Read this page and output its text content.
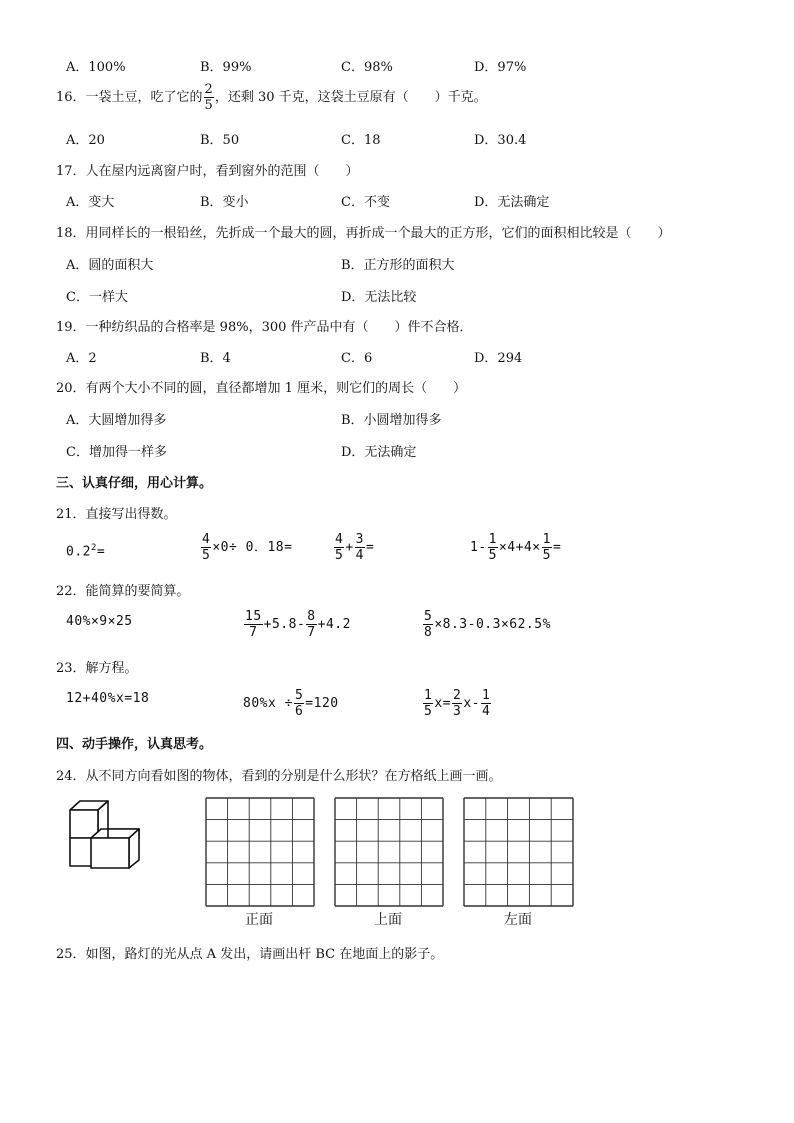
A．100%	B．99%	C．98%	D．97%
16．一袋土豆，吃了它的 $\frac{2}{5}$ ，还剩 30 千克，这袋土豆原有（　　）千克。
A．20	B．50	C．18	D．30.4
17．人在屋内远离窗户时，看到窗外的范围（　　）
A．变大	B．变小	C．不变	D．无法确定
18．用同样长的一根铅丝，先折成一个最大的圆，再折成一个最大的正方形，它们的面积相比较是（　　）
A．圆的面积大	B．正方形的面积大
C．一样大	D．无法比较
19．一种纺织品的合格率是 98%，300 件产品中有（　　）件不合格．
A．2	B．4	C．6	D．294
20．有两个大小不同的圆，直径都增加 1 厘米，则它们的周长（　　）
A．大圆增加得多	B．小圆增加得多
C．增加得一样多	D．无法确定
三、认真仔细，用心计算。
21．直接写出得数。
$0.2^2=$	$\frac{4}{5} \times 0\div 0$．18=	$\frac{4}{5} + \frac{3}{4}$ =	$1- \frac{1}{5} \times 4+4\times \frac{1}{5}$ =
22．能简算的要简算。
40%×9×25	$\frac{15}{7} +5.8- \frac{8}{7} +4.2$	$\frac{5}{8} \times 8.3-0.3\times 62.5\%$
23．解方程。
12+40%x=18	$80\%x \div \frac{5}{6} =120$	$\frac{1}{5} x= \frac{2}{3} x- \frac{1}{4}$
四、动手操作，认真思考。
24．从不同方向看如图的物体，看到的分别是什么形状？在方格纸上画一画。
正面	上面	左面
25．如图，路灯的光从点 A 发出，请画出杆 BC 在地面上的影子。
